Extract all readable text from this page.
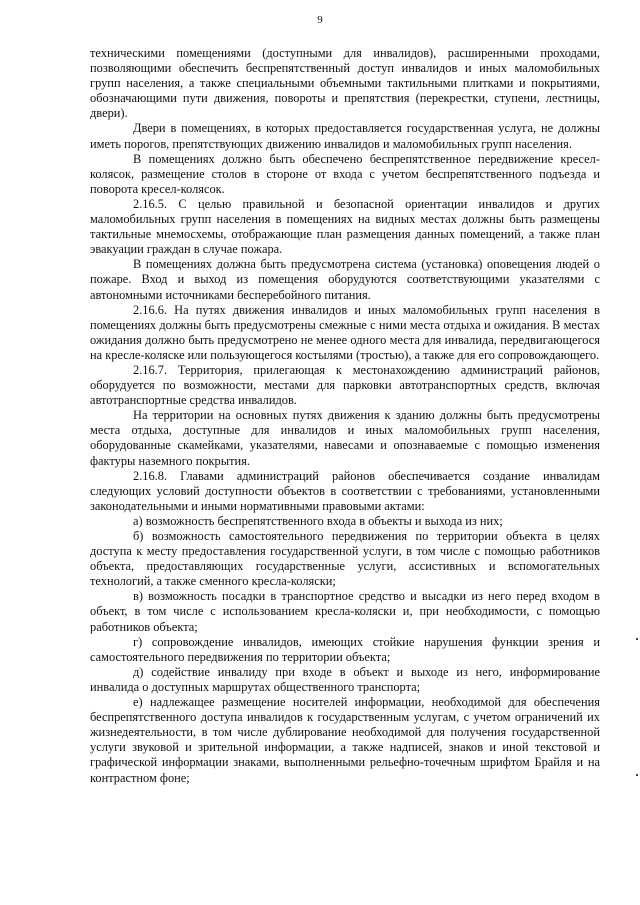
9

техническими помещениями (доступными для инвалидов), расширенными проходами, позволяющими обеспечить беспрепятственный доступ инвалидов и иных маломобильных групп населения, а также специальными объемными тактильными плитками и покрытиями, обозначающими пути движения, повороты и препятствия (перекрестки, ступени, лестницы, двери).

Двери в помещениях, в которых предоставляется государственная услуга, не должны иметь порогов, препятствующих движению инвалидов и маломобильных групп населения.

В помещениях должно быть обеспечено беспрепятственное передвижение кресел-колясок, размещение столов в стороне от входа с учетом беспрепятственного подъезда и поворота кресел-колясок.

2.16.5. С целью правильной и безопасной ориентации инвалидов и других маломобильных групп населения в помещениях на видных местах должны быть размещены тактильные мнемосхемы, отображающие план размещения данных помещений, а также план эвакуации граждан в случае пожара.

В помещениях должна быть предусмотрена система (установка) оповещения людей о пожаре. Вход и выход из помещения оборудуются соответствующими указателями с автономными источниками бесперебойного питания.

2.16.6. На путях движения инвалидов и иных маломобильных групп населения в помещениях должны быть предусмотрены смежные с ними места отдыха и ожидания. В местах ожидания должно быть предусмотрено не менее одного места для инвалида, передвигающегося на кресле-коляске или пользующегося костылями (тростью), а также для его сопровождающего.

2.16.7. Территория, прилегающая к местонахождению администраций районов, оборудуется по возможности, местами для парковки автотранспортных средств, включая автотранспортные средства инвалидов.

На территории на основных путях движения к зданию должны быть предусмотрены места отдыха, доступные для инвалидов и иных маломобильных групп населения, оборудованные скамейками, указателями, навесами и опознаваемые с помощью изменения фактуры наземного покрытия.

2.16.8. Главами администраций районов обеспечивается создание инвалидам следующих условий доступности объектов в соответствии с требованиями, установленными законодательными и иными нормативными правовыми актами:

а) возможность беспрепятственного входа в объекты и выхода из них;

б) возможность самостоятельного передвижения по территории объекта в целях доступа к месту предоставления государственной услуги, в том числе с помощью работников объекта, предоставляющих государственные услуги, ассистивных и вспомогательных технологий, а также сменного кресла-коляски;

в) возможность посадки в транспортное средство и высадки из него перед входом в объект, в том числе с использованием кресла-коляски и, при необходимости, с помощью работников объекта;

г) сопровождение инвалидов, имеющих стойкие нарушения функции зрения и самостоятельного передвижения по территории объекта;

д) содействие инвалиду при входе в объект и выходе из него, информирование инвалида о доступных маршрутах общественного транспорта;

е) надлежащее размещение носителей информации, необходимой для обеспечения беспрепятственного доступа инвалидов к государственным услугам, с учетом ограничений их жизнедеятельности, в том числе дублирование необходимой для получения государственной услуги звуковой и зрительной информации, а также надписей, знаков и иной текстовой и графической информации знаками, выполненными рельефно-точечным шрифтом Брайля и на контрастном фоне;
